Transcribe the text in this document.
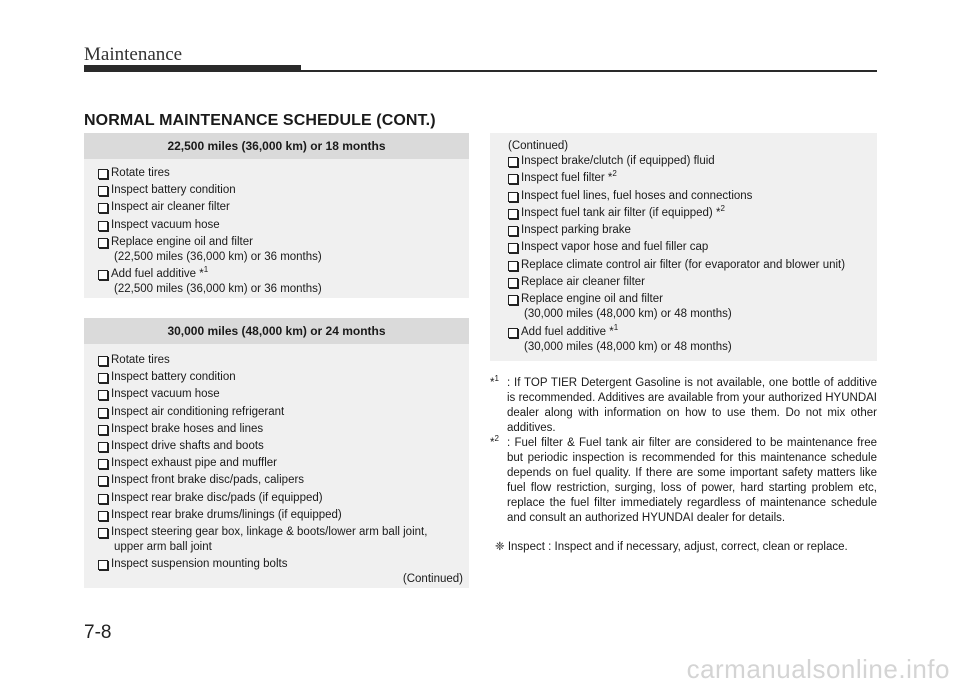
Maintenance
NORMAL MAINTENANCE SCHEDULE (CONT.)
22,500 miles (36,000 km) or 18 months
Rotate tires
Inspect battery condition
Inspect air cleaner filter
Inspect vacuum hose
Replace engine oil and filter
(22,500 miles (36,000 km) or 36 months)
Add fuel additive *$^1$
(22,500 miles (36,000 km) or 36 months)
30,000 miles (48,000 km) or 24 months
Rotate tires
Inspect battery condition
Inspect vacuum hose
Inspect air conditioning refrigerant
Inspect brake hoses and lines
Inspect drive shafts and boots
Inspect exhaust pipe and muffler
Inspect front brake disc/pads, calipers
Inspect rear brake disc/pads (if equipped)
Inspect rear brake drums/linings (if equipped)
Inspect steering gear box, linkage & boots/lower arm ball joint,
upper arm ball joint
Inspect suspension mounting bolts
(Continued)
(Continued)
Inspect brake/clutch (if equipped) fluid
Inspect fuel filter *$^2$
Inspect fuel lines, fuel hoses and connections
Inspect fuel tank air filter (if equipped) *$^2$
Inspect parking brake
Inspect vapor hose and fuel filler cap
Replace climate control air filter (for evaporator and blower unit)
Replace air cleaner filter
Replace engine oil and filter
(30,000 miles (48,000 km) or 48 months)
Add fuel additive *$^1$
(30,000 miles (48,000 km) or 48 months)
*$^1$ : If TOP TIER Detergent Gasoline is not available, one bottle of additive is recommended. Additives are available from your authorized HYUNDAI dealer along with information on how to use them. Do not mix other additives.
*$^2$ : Fuel filter & Fuel tank air filter are considered to be maintenance free but periodic inspection is recommended for this maintenance schedule depends on fuel quality. If there are some important safety matters like fuel flow restriction, surging, loss of power, hard starting problem etc, replace the fuel filter immediately regardless of maintenance schedule and consult an authorized HYUNDAI dealer for details.
❈ Inspect : Inspect and if necessary, adjust, correct, clean or replace.
7-8
carmanualsonline.info
